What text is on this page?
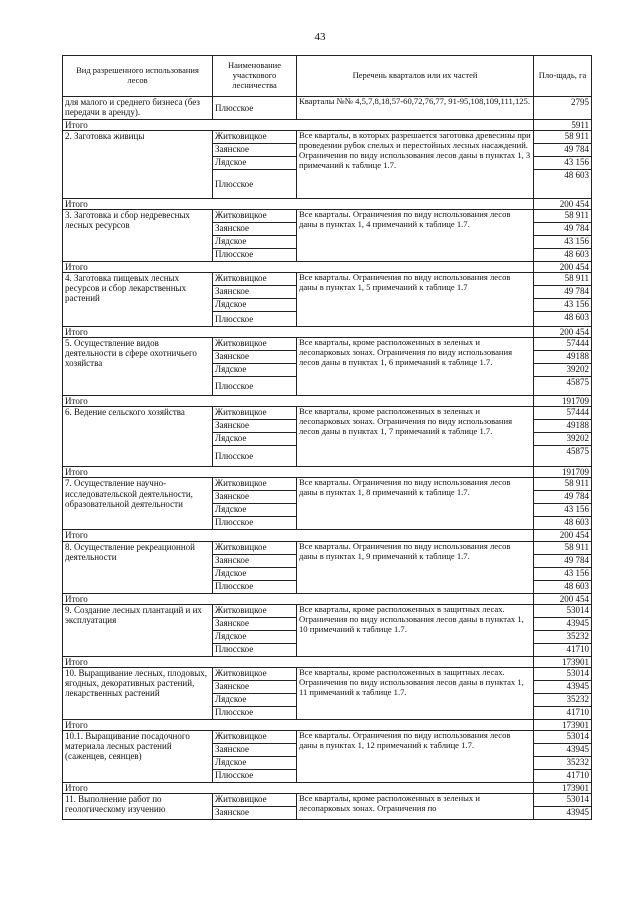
43
Вид разрешенного использования лесов	Наименование участкового лесничества	Перечень кварталов или их частей	Пло-щадь, га
для малого и среднего бизнеса (без передачи в аренду).	Плюсское	Кварталы №№ 4,5,7,8,18,57-60,72,76,77, 91-95,108,109,111,125.	2795
Итого			5911
2. Заготовка живицы	Житковицкое	Все кварталы, в которых разрешается заготовка древесины при проведении рубок спелых и перестойных лесных насаждений. Ограничения по виду использования лесов даны в пунктах 1, 3 примечаний к таблице 1.7.	58 911
	Заянское		49 784
	Лядское		43 156
	Плюсское		48 603
Итого			200 454
3. Заготовка и сбор недревесных лесных ресурсов	Житковицкое	Все кварталы. Ограничения по виду использования лесов даны в пунктах 1, 4 примечаний к таблице 1.7.	58 911
	Заянское		49 784
	Лядское		43 156
	Плюсское		48 603
Итого			200 454
4. Заготовка пищевых лесных ресурсов и сбор лекарственных растений	Житковицкое	Все кварталы. Ограничения по виду использования лесов даны в пунктах 1, 5 примечаний к таблице 1.7	58 911
	Заянское		49 784
	Лядское		43 156
	Плюсское		48 603
Итого			200 454
5. Осуществление видов деятельности в сфере охотничьего хозяйства	Житковицкое	Все кварталы, кроме расположенных в зеленых и лесопарковых зонах. Ограничения по виду использования лесов даны в пунктах 1, 6 примечаний к таблице 1.7.	57444
	Заянское		49188
	Лядское		39202
	Плюсское		45875
Итого			191709
6. Ведение сельского хозяйства	Житковицкое	Все кварталы, кроме расположенных в зеленых и лесопарковых зонах. Ограничения по виду использования лесов даны в пунктах 1, 7 примечаний к таблице 1.7.	57444
	Заянское		49188
	Лядское		39202
	Плюсское		45875
Итого			191709
7. Осуществление научно-исследовательской деятельности, образовательной деятельности	Житковицкое	Все кварталы. Ограничения по виду использования лесов даны в пунктах 1, 8 примечаний к таблице 1.7.	58 911
	Заянское		49 784
	Лядское		43 156
	Плюсское		48 603
Итого			200 454
8. Осуществление рекреационной деятельности	Житковицкое	Все кварталы. Ограничения по виду использования лесов даны в пунктах 1, 9 примечаний к таблице 1.7.	58 911
	Заянское		49 784
	Лядское		43 156
	Плюсское		48 603
Итого			200 454
9. Создание лесных плантаций и их эксплуатация	Житковицкое	Все кварталы, кроме расположенных в защитных лесах. Ограничения по виду использования лесов даны в пунктах 1, 10 примечаний к таблице 1.7.	53014
	Заянское		43945
	Лядское		35232
	Плюсское		41710
Итого			173901
10. Выращивание лесных, плодовых, ягодных, декоративных растений, лекарственных растений	Житковицкое	Все кварталы, кроме расположенных в защитных лесах. Ограничения по виду использования лесов даны в пунктах 1, 11 примечаний к таблице 1.7.	53014
	Заянское		43945
	Лядское		35232
	Плюсское		41710
Итого			173901
10.1. Выращивание посадочного материала лесных растений (саженцев, сеянцев)	Житковицкое	Все кварталы. Ограничения по виду использования лесов даны в пунктах 1, 12 примечаний к таблице 1.7.	53014
	Заянское		43945
	Лядское		35232
	Плюсское		41710
Итого			173901
11. Выполнение работ по геологическому изучению	Житковицкое	Все кварталы, кроме расположенных в зеленых и лесопарковых зонах. Ограничения по	53014
	Заянское		43945
